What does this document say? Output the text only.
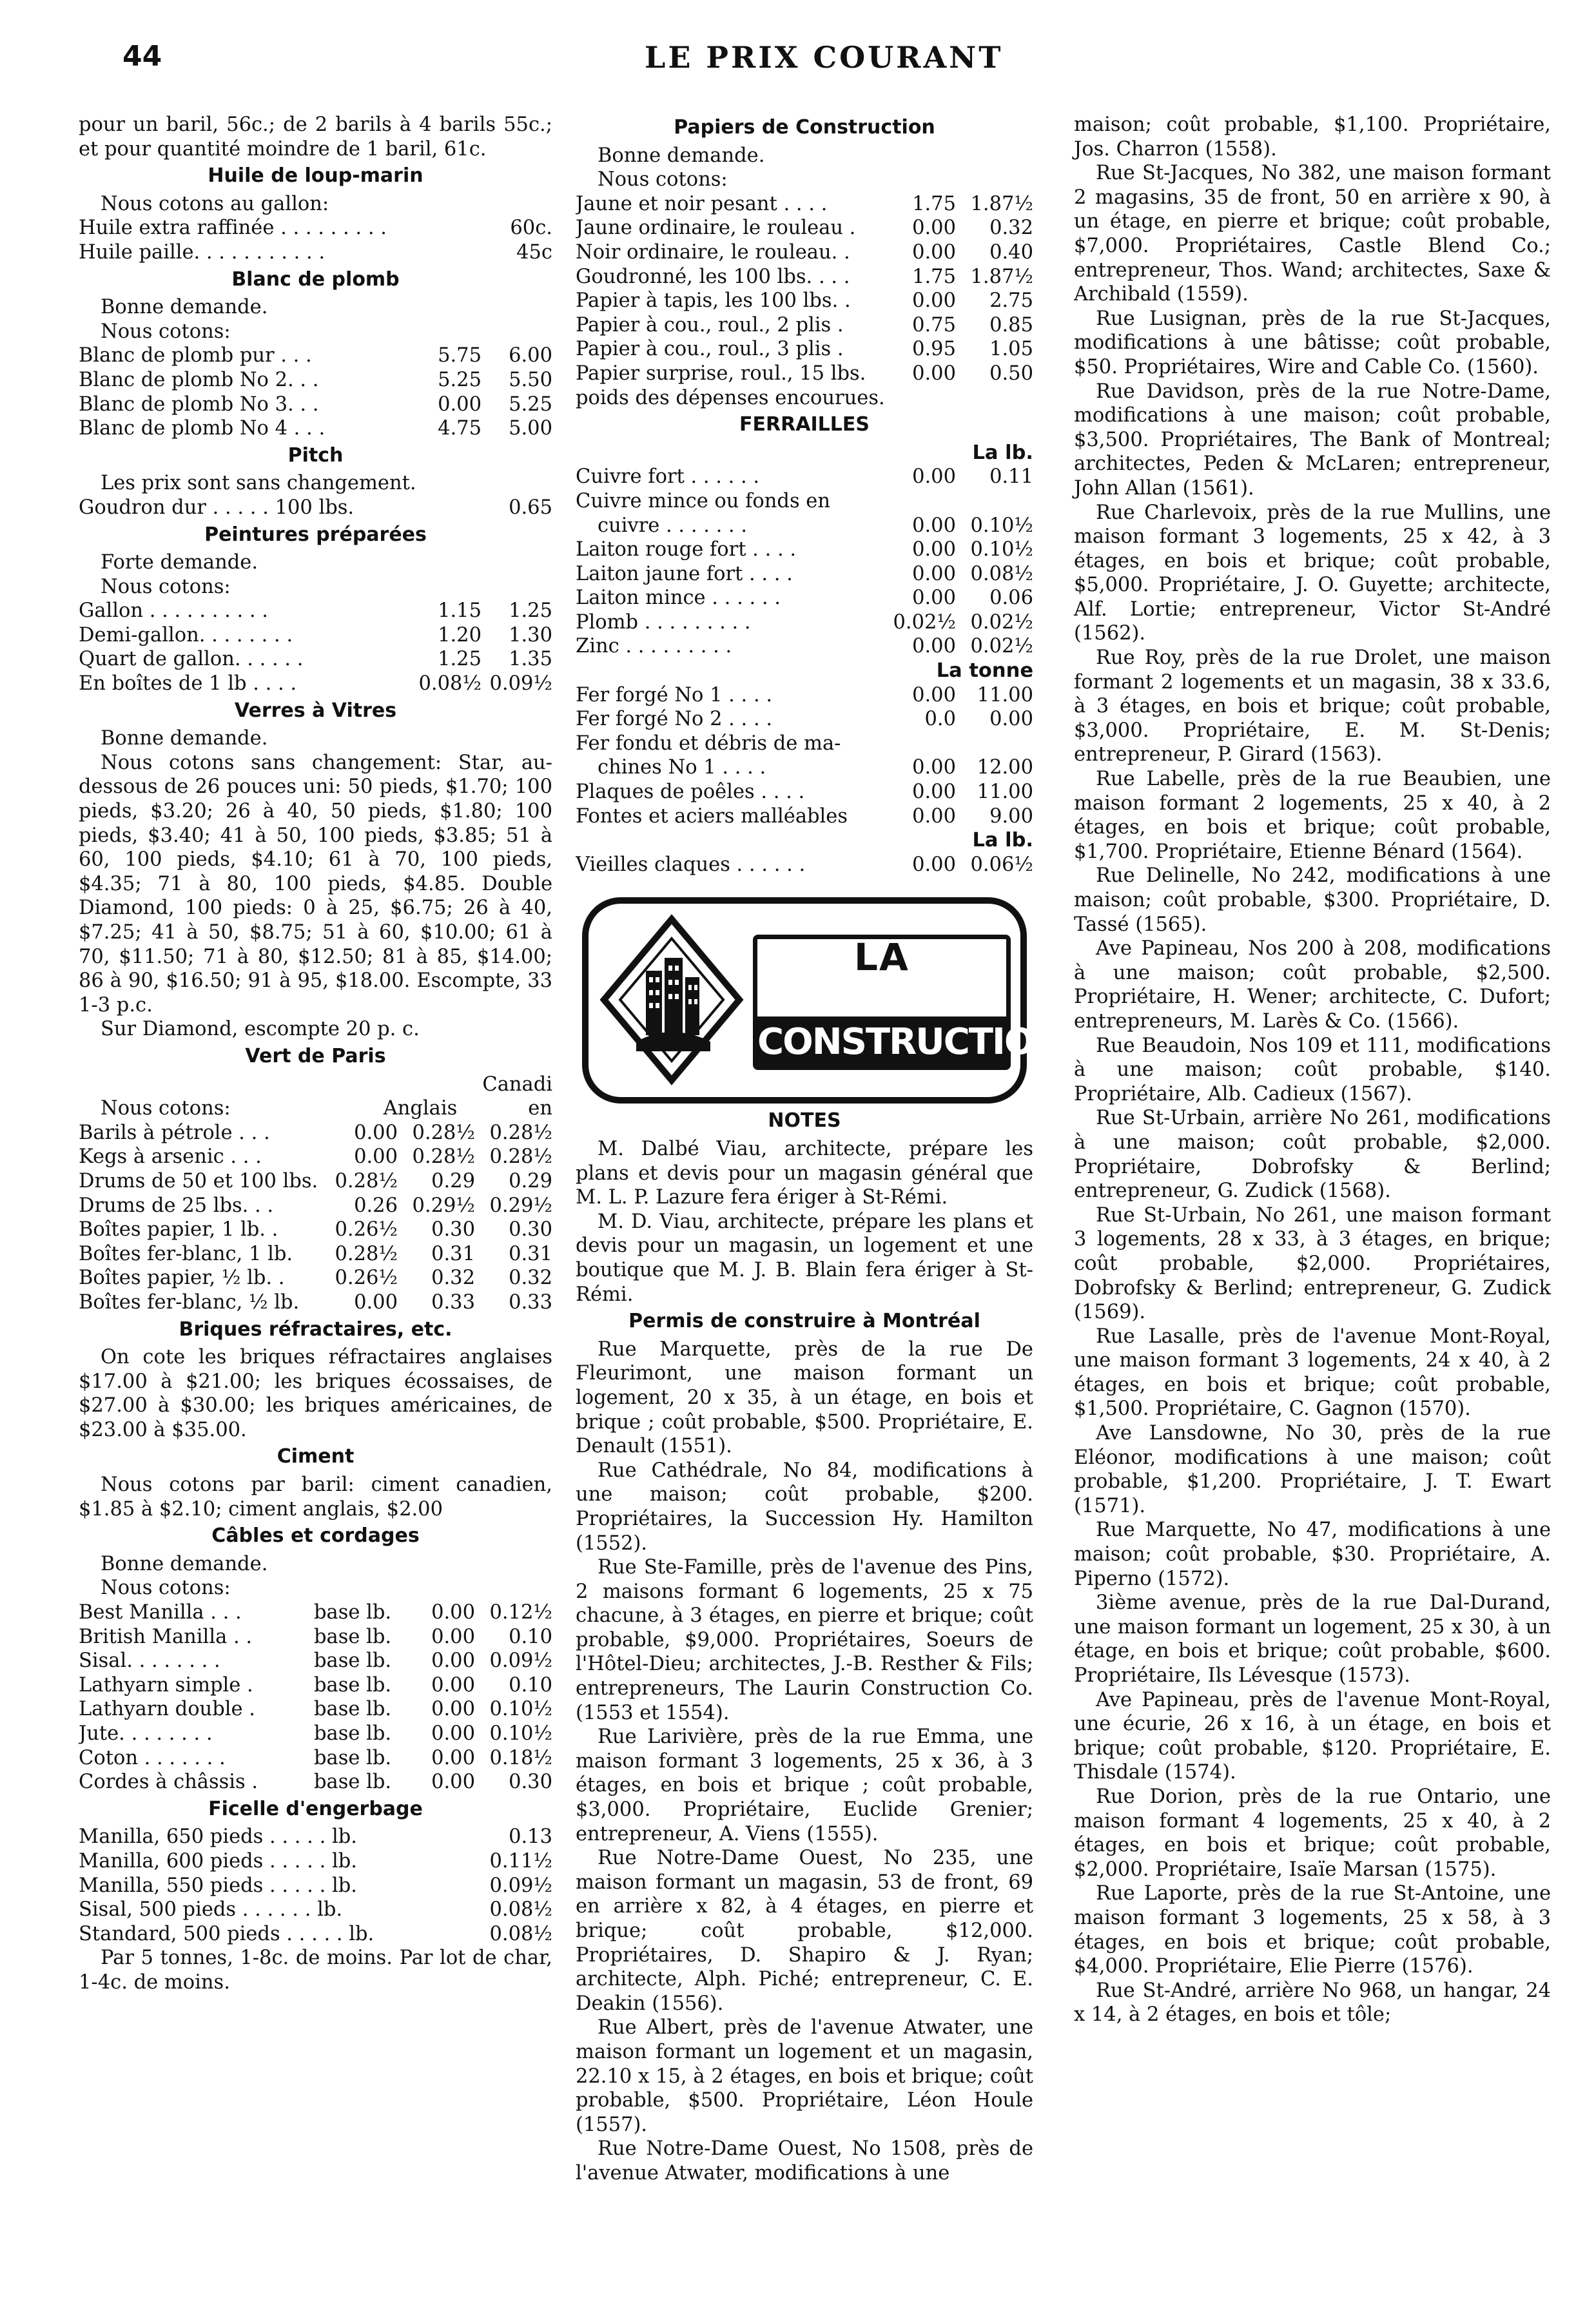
44	LE PRIX COURANT
pour un baril, 56c.; de 2 barils à 4 barils 55c.; et pour quantité moindre de 1 baril, 61c.
Huile de loup-marin
Nous cotons au gallon:
Huile extra raffinée . . . . . . . . .	60c.
Huile paille. . . . . . . . . . .	45c
Blanc de plomb
Bonne demande.
Nous cotons:
Blanc de plomb pur . . .	5.75	6.00
Blanc de plomb No 2. . .	5.25	5.50
Blanc de plomb No 3. . .	0.00	5.25
Blanc de plomb No 4 . . .	4.75	5.00
Pitch
Les prix sont sans changement.
Goudron dur . . . . . 100 lbs.	0.65
Peintures préparées
Forte demande.
Nous cotons:
Gallon . . . . . . . . . .	1.15	1.25
Demi-gallon. . . . . . . .	1.20	1.30
Quart de gallon. . . . . .	1.25	1.35
En boîtes de 1 lb . . . .	0.08½ 0.09½
Verres à Vitres
Bonne demande.
Nous cotons sans changement: Star, au-dessous de 26 pouces uni: 50 pieds, $1.70; 100 pieds, $3.20; 26 à 40, 50 pieds, $1.80; 100 pieds, $3.40; 41 à 50, 100 pieds, $3.85; 51 à 60, 100 pieds, $4.10; 61 à 70, 100 pieds, $4.35; 71 à 80, 100 pieds, $4.85. Double Diamond, 100 pieds: 0 à 25, $6.75; 26 à 40, $7.25; 41 à 50, $8.75; 51 à 60, $10.00; 61 à 70, $11.50; 71 à 80, $12.50; 81 à 85, $14.00; 86 à 90, $16.50; 91 à 95, $18.00. Escompte, 33 1-3 p.c.
Sur Diamond, escompte 20 p. c.
Vert de Paris
Nous cotons:	Anglais
Canadien
Barils à pétrole . . .	0.00 0.28½ 0.28½
Kegs à arsenic . . .	0.00 0.28½ 0.28½
Drums de 50 et 100 lbs. 0.28½	0.29	0.29
Drums de 25 lbs. . .	0.26 0.29½ 0.29½
Boîtes papier, 1 lb. .	0.26½	0.30	0.30
Boîtes fer-blanc, 1 lb.	0.28½	0.31	0.31
Boîtes papier, ½ lb. .	0.26½	0.32	0.32
Boîtes fer-blanc, ½ lb.	0.00	0.33	0.33
Briques réfractaires, etc.
On cote les briques réfractaires anglaises $17.00 à $21.00; les briques écossaises, de $27.00 à $30.00; les briques américaines, de $23.00 à $35.00.
Ciment
Nous cotons par baril: ciment canadien, $1.85 à $2.10; ciment anglais, $2.00
Câbles et cordages
Bonne demande.
Nous cotons:
Best Manilla . . .	base lb.	0.00 0.12½
British Manilla . .	base lb.	0.00	0.10
Sisal. . . . . . . .	base lb.	0.00 0.09½
Lathyarn simple .	base lb.	0.00	0.10
Lathyarn double .	base lb.	0.00 0.10½
Jute. . . . . . . .	base lb.	0.00 0.10½
Coton . . . . . . .	base lb.	0.00 0.18½
Cordes à châssis .	base lb.	0.00	0.30
Ficelle d'engerbage
Manilla, 650 pieds . . . . . lb.	0.13
Manilla, 600 pieds . . . . . lb.	0.11½
Manilla, 550 pieds . . . . . lb.	0.09½
Sisal, 500 pieds . . . . . . lb.	0.08½
Standard, 500 pieds . . . . . lb.	0.08½
Par 5 tonnes, 1-8c. de moins. Par lot de char, 1-4c. de moins.
Papiers de Construction
Bonne demande.
Nous cotons:
Jaune et noir pesant . . . .	1.75 1.87½
Jaune ordinaire, le rouleau .	0.00	0.32
Noir ordinaire, le rouleau. .	0.00	0.40
Goudronné, les 100 lbs. . . .	1.75 1.87½
Papier à tapis, les 100 lbs. .	0.00	2.75
Papier à cou., roul., 2 plis .	0.75	0.85
Papier à cou., roul., 3 plis .	0.95	1.05
Papier surprise, roul., 15 lbs.	0.00	0.50
poids des dépenses encourues.
FERRAILLES
La lb.
Cuivre fort . . . . . .	0.00	0.11
Cuivre mince ou fonds en
cuivre . . . . . . .	0.00 0.10½
Laiton rouge fort . . . .	0.00 0.10½
Laiton jaune fort . . . .	0.00 0.08½
Laiton mince . . . . . .	0.00	0.06
Plomb . . . . . . . . .	0.02½ 0.02½
Zinc . . . . . . . . .	0.00 0.02½
La tonne
Fer forgé No 1 . . . .	0.00	11.00
Fer forgé No 2 . . . .	0.0	0.00
Fer fondu et débris de ma-
chines No 1 . . . .	0.00	12.00
Plaques de poêles . . . .	0.00	11.00
Fontes et aciers malléables	0.00	9.00
La lb.
Vieilles claques . . . . . .	0.00 0.06½
LA
CONSTRUCTION
NOTES
M. Dalbé Viau, architecte, prépare les plans et devis pour un magasin général que M. L. P. Lazure fera ériger à St-Rémi.
M. D. Viau, architecte, prépare les plans et devis pour un magasin, un logement et une boutique que M. J. B. Blain fera ériger à St-Rémi.
Permis de construire à Montréal
Rue Marquette, près de la rue De Fleurimont, une maison formant un logement, 20 x 35, à un étage, en bois et brique ; coût probable, $500. Propriétaire, E. Denault (1551).
Rue Cathédrale, No 84, modifications à une maison; coût probable, $200. Propriétaires, la Succession Hy. Hamilton (1552).
Rue Ste-Famille, près de l'avenue des Pins, 2 maisons formant 6 logements, 25 x 75 chacune, à 3 étages, en pierre et brique; coût probable, $9,000. Propriétaires, Soeurs de l'Hôtel-Dieu; architectes, J.-B. Resther & Fils; entrepreneurs, The Laurin Construction Co. (1553 et 1554).
Rue Larivière, près de la rue Emma, une maison formant 3 logements, 25 x 36, à 3 étages, en bois et brique ; coût probable, $3,000. Propriétaire, Euclide Grenier; entrepreneur, A. Viens (1555).
Rue Notre-Dame Ouest, No 235, une maison formant un magasin, 53 de front, 69 en arrière x 82, à 4 étages, en pierre et brique; coût probable, $12,000. Propriétaires, D. Shapiro & J. Ryan; architecte, Alph. Piché; entrepreneur, C. E. Deakin (1556).
Rue Albert, près de l'avenue Atwater, une maison formant un logement et un magasin, 22.10 x 15, à 2 étages, en bois et brique; coût probable, $500. Propriétaire, Léon Houle (1557).
Rue Notre-Dame Ouest, No 1508, près de l'avenue Atwater, modifications à une
maison; coût probable, $1,100. Propriétaire, Jos. Charron (1558).
Rue St-Jacques, No 382, une maison formant 2 magasins, 35 de front, 50 en arrière x 90, à un étage, en pierre et brique; coût probable, $7,000. Propriétaires, Castle Blend Co.; entrepreneur, Thos. Wand; architectes, Saxe & Archibald (1559).
Rue Lusignan, près de la rue St-Jacques, modifications à une bâtisse; coût probable, $50. Propriétaires, Wire and Cable Co. (1560).
Rue Davidson, près de la rue Notre-Dame, modifications à une maison; coût probable, $3,500. Propriétaires, The Bank of Montreal; architectes, Peden & McLaren; entrepreneur, John Allan (1561).
Rue Charlevoix, près de la rue Mullins, une maison formant 3 logements, 25 x 42, à 3 étages, en bois et brique; coût probable, $5,000. Propriétaire, J. O. Guyette; architecte, Alf. Lortie; entrepreneur, Victor St-André (1562).
Rue Roy, près de la rue Drolet, une maison formant 2 logements et un magasin, 38 x 33.6, à 3 étages, en bois et brique; coût probable, $3,000. Propriétaire, E. M. St-Denis; entrepreneur, P. Girard (1563).
Rue Labelle, près de la rue Beaubien, une maison formant 2 logements, 25 x 40, à 2 étages, en bois et brique; coût probable, $1,700. Propriétaire, Etienne Bénard (1564).
Rue Delinelle, No 242, modifications à une maison; coût probable, $300. Propriétaire, D. Tassé (1565).
Ave Papineau, Nos 200 à 208, modifications à une maison; coût probable, $2,500. Propriétaire, H. Wener; architecte, C. Dufort; entrepreneurs, M. Larès & Co. (1566).
Rue Beaudoin, Nos 109 et 111, modifications à une maison; coût probable, $140. Propriétaire, Alb. Cadieux (1567).
Rue St-Urbain, arrière No 261, modifications à une maison; coût probable, $2,000. Propriétaire, Dobrofsky & Berlind; entrepreneur, G. Zudick (1568).
Rue St-Urbain, No 261, une maison formant 3 logements, 28 x 33, à 3 étages, en brique; coût probable, $2,000. Propriétaires, Dobrofsky & Berlind; entrepreneur, G. Zudick (1569).
Rue Lasalle, près de l'avenue Mont-Royal, une maison formant 3 logements, 24 x 40, à 2 étages, en bois et brique; coût probable, $1,500. Propriétaire, C. Gagnon (1570).
Ave Lansdowne, No 30, près de la rue Eléonor, modifications à une maison; coût probable, $1,200. Propriétaire, J. T. Ewart (1571).
Rue Marquette, No 47, modifications à une maison; coût probable, $30. Propriétaire, A. Piperno (1572).
3ième avenue, près de la rue Dal-Durand, une maison formant un logement, 25 x 30, à un étage, en bois et brique; coût probable, $600. Propriétaire, Ils Lévesque (1573).
Ave Papineau, près de l'avenue Mont-Royal, une écurie, 26 x 16, à un étage, en bois et brique; coût probable, $120. Propriétaire, E. Thisdale (1574).
Rue Dorion, près de la rue Ontario, une maison formant 4 logements, 25 x 40, à 2 étages, en bois et brique; coût probable, $2,000. Propriétaire, Isaïe Marsan (1575).
Rue Laporte, près de la rue St-Antoine, une maison formant 3 logements, 25 x 58, à 3 étages, en bois et brique; coût probable, $4,000. Propriétaire, Elie Pierre (1576).
Rue St-André, arrière No 968, un hangar, 24 x 14, à 2 étages, en bois et tôle;
